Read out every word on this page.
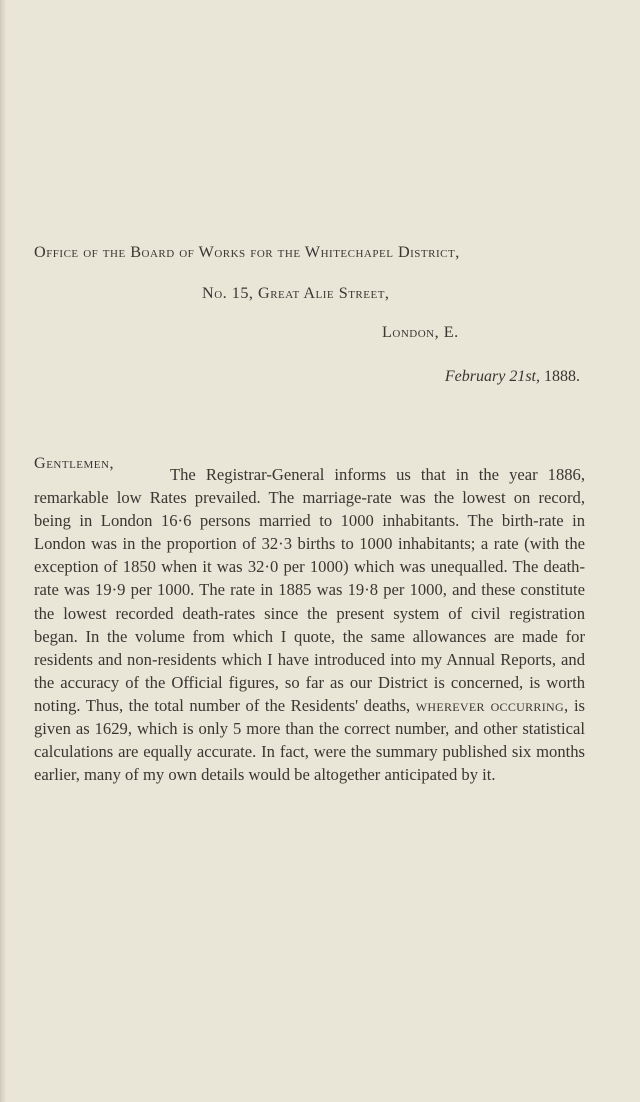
Office of the Board of Works for the Whitechapel District,
No. 15, Great Alie Street,
London, E.
February 21st, 1888.
Gentlemen,

The Registrar-General informs us that in the year 1886, remarkable low Rates prevailed. The marriage-rate was the lowest on record, being in London 16·6 persons married to 1000 inhabitants. The birth-rate in London was in the proportion of 32·3 births to 1000 inhabitants; a rate (with the exception of 1850 when it was 32·0 per 1000) which was unequalled. The death-rate was 19·9 per 1000. The rate in 1885 was 19·8 per 1000, and these constitute the lowest recorded death-rates since the present system of civil registration began. In the volume from which I quote, the same allowances are made for residents and non-residents which I have introduced into my Annual Reports, and the accuracy of the Official figures, so far as our District is concerned, is worth noting. Thus, the total number of the Residents' deaths, wherever occurring, is given as 1629, which is only 5 more than the correct number, and other statistical calculations are equally accurate. In fact, were the summary published six months earlier, many of my own details would be altogether anticipated by it.
